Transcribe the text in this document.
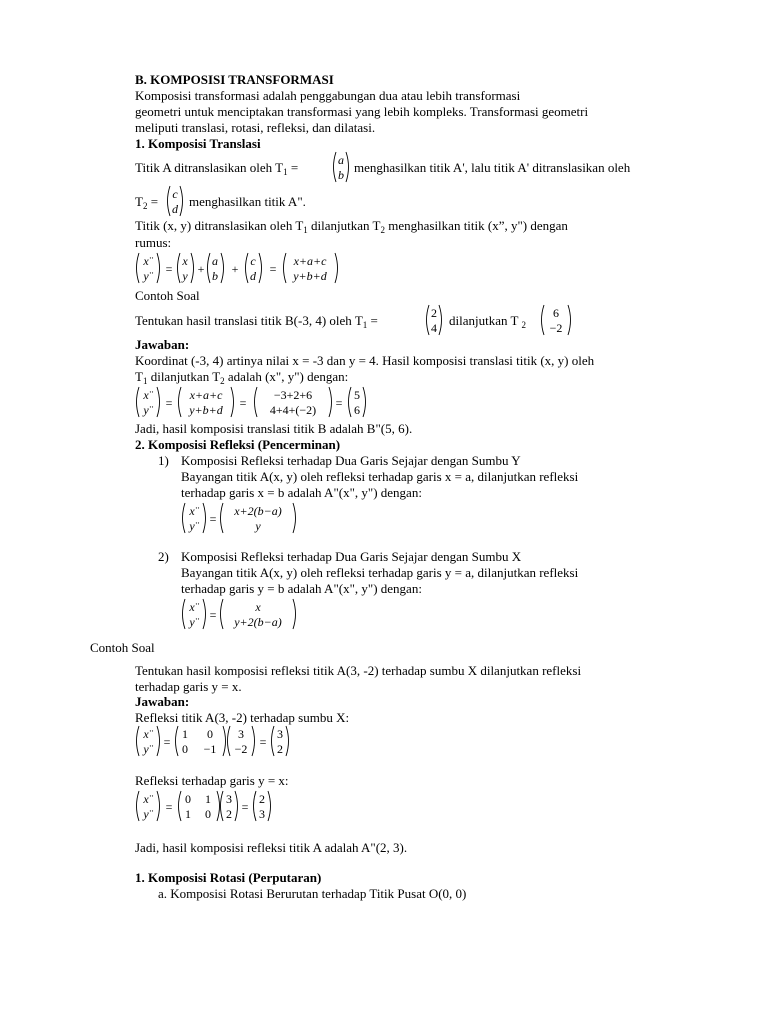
B. KOMPOSISI TRANSFORMASI
Komposisi transformasi adalah penggabungan dua atau lebih transformasi
geometri untuk menciptakan transformasi yang lebih kompleks. Transformasi geometri
meliputi translasi, rotasi, refleksi, dan dilatasi.
1. Komposisi Translasi
Titik A ditranslasikan oleh $T_1$ =	a
b menghasilkan titik A', lalu titik A' ditranslasikan oleh
$T_2 = c$
d menghasilkan titik A".
Titik (x, y) ditranslasikan oleh $T_1$ dilanjutkan $T_2$ menghasilkan titik (x”, y") dengan
rumus:
x¨
y¨ =
x
y +
a
b +
c
d =
x+a+c
y+b+d
Contoh Soal
Tentukan hasil translasi titik B(-3, 4) oleh $T_1$ =	2
4 dilanjutkan T $_2$
6
−2
Jawaban:
Koordinat (-3, 4) artinya nilai x = -3 dan y = 4. Hasil komposisi translasi titik (x, y) oleh
$T_1$ dilanjutkan $T_2$ adalah (x", y") dengan:
x¨
y¨ =
x+a+c
y+b+d =
−3+2+6
4+4+(−2) =
5
6
Jadi, hasil komposisi translasi titik B adalah B"(5, 6).
2. Komposisi Refleksi (Pencerminan)
1) Komposisi Refleksi terhadap Dua Garis Sejajar dengan Sumbu Y
Bayangan titik A(x, y) oleh refleksi terhadap garis x = a, dilanjutkan refleksi
terhadap garis x = b adalah A"(x", y") dengan:
x¨
y¨ =
x+2(b−a)
y
2) Komposisi Refleksi terhadap Dua Garis Sejajar dengan Sumbu X
Bayangan titik A(x, y) oleh refleksi terhadap garis y = a, dilanjutkan refleksi
terhadap garis y = b adalah A"(x", y") dengan:
x¨
y¨ =
x
y+2(b−a)
Contoh Soal
Tentukan hasil komposisi refleksi titik A(3, -2) terhadap sumbu X dilanjutkan refleksi
terhadap garis y = x.
Jawaban:
Refleksi titik A(3, -2) terhadap sumbu X:
x¨
y¨ =
1 0
0 −1
3
−2 =
3
2
Refleksi terhadap garis y = x:
x¨
y¨ =
0 1
1 0
3
2 =
2
3
Jadi, hasil komposisi refleksi titik A adalah A"(2, 3).
1. Komposisi Rotasi (Perputaran)
a. Komposisi Rotasi Berurutan terhadap Titik Pusat O(0, 0)
